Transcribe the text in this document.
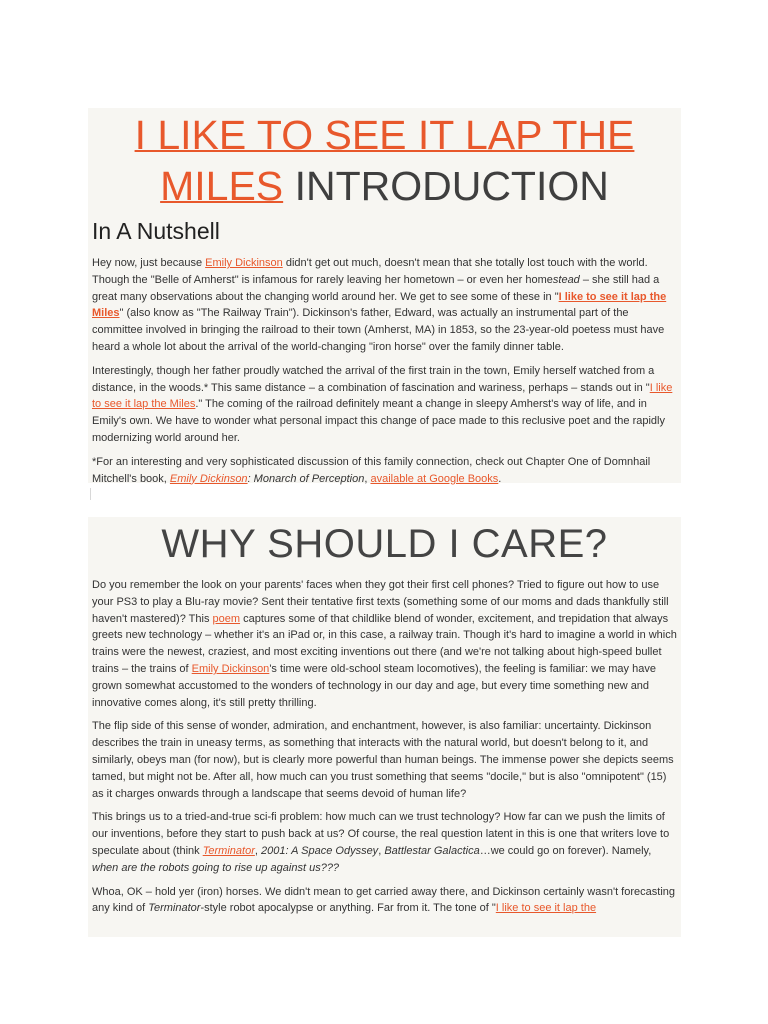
I LIKE TO SEE IT LAP THE MILES INTRODUCTION
In A Nutshell

Hey now, just because Emily Dickinson didn't get out much, doesn't mean that she totally lost touch with the world. Though the "Belle of Amherst" is infamous for rarely leaving her hometown – or even her homestead – she still had a great many observations about the changing world around her. We get to see some of these in "I like to see it lap the Miles" (also know as "The Railway Train"). Dickinson's father, Edward, was actually an instrumental part of the committee involved in bringing the railroad to their town (Amherst, MA) in 1853, so the 23-year-old poetess must have heard a whole lot about the arrival of the world-changing "iron horse" over the family dinner table.

Interestingly, though her father proudly watched the arrival of the first train in the town, Emily herself watched from a distance, in the woods.* This same distance – a combination of fascination and wariness, perhaps – stands out in "I like to see it lap the Miles." The coming of the railroad definitely meant a change in sleepy Amherst's way of life, and in Emily's own. We have to wonder what personal impact this change of pace made to this reclusive poet and the rapidly modernizing world around her.

*For an interesting and very sophisticated discussion of this family connection, check out Chapter One of Domnhail Mitchell's book, Emily Dickinson: Monarch of Perception, available at Google Books.

WHY SHOULD I CARE?

Do you remember the look on your parents' faces when they got their first cell phones? Tried to figure out how to use your PS3 to play a Blu-ray movie? Sent their tentative first texts (something some of our moms and dads thankfully still haven't mastered)? This poem captures some of that childlike blend of wonder, excitement, and trepidation that always greets new technology – whether it's an iPad or, in this case, a railway train. Though it's hard to imagine a world in which trains were the newest, craziest, and most exciting inventions out there (and we're not talking about high-speed bullet trains – the trains of Emily Dickinson's time were old-school steam locomotives), the feeling is familiar: we may have grown somewhat accustomed to the wonders of technology in our day and age, but every time something new and innovative comes along, it's still pretty thrilling.

The flip side of this sense of wonder, admiration, and enchantment, however, is also familiar: uncertainty. Dickinson describes the train in uneasy terms, as something that interacts with the natural world, but doesn't belong to it, and similarly, obeys man (for now), but is clearly more powerful than human beings. The immense power she depicts seems tamed, but might not be. After all, how much can you trust something that seems "docile," but is also "omnipotent" (15) as it charges onwards through a landscape that seems devoid of human life?

This brings us to a tried-and-true sci-fi problem: how much can we trust technology? How far can we push the limits of our inventions, before they start to push back at us? Of course, the real question latent in this is one that writers love to speculate about (think Terminator, 2001: A Space Odyssey, Battlestar Galactica…we could go on forever). Namely, when are the robots going to rise up against us???

Whoa, OK – hold yer (iron) horses. We didn't mean to get carried away there, and Dickinson certainly wasn't forecasting any kind of Terminator-style robot apocalypse or anything. Far from it. The tone of "I like to see it lap the
